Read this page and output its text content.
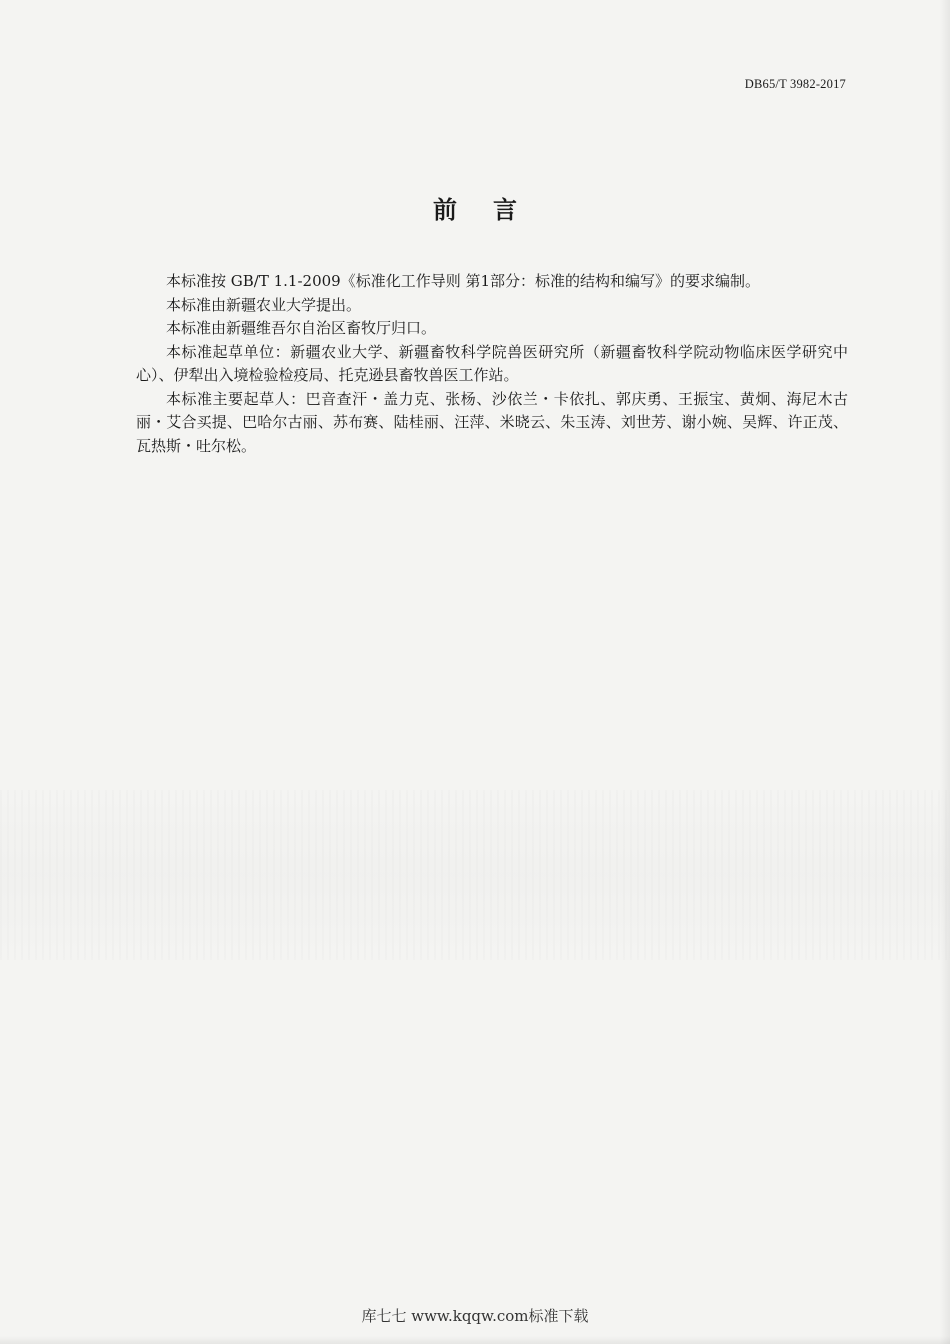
DB65/T 3982-2017
前言

本标准按 GB/T 1.1-2009《标准化工作导则 第1部分：标准的结构和编写》的要求编制。

本标准由新疆农业大学提出。

本标准由新疆维吾尔自治区畜牧厅归口。

本标准起草单位：新疆农业大学、新疆畜牧科学院兽医研究所（新疆畜牧科学院动物临床医学研究中心）、伊犁出入境检验检疫局、托克逊县畜牧兽医工作站。

本标准主要起草人：巴音查汗・盖力克、张杨、沙依兰・卡依扎、郭庆勇、王振宝、黄炯、海尼木古丽・艾合买提、巴哈尔古丽、苏布赛、陆桂丽、汪萍、米晓云、朱玉涛、刘世芳、谢小婉、吴辉、许正茂、瓦热斯・吐尔松。

库七七 www.kqqw.com标准下载
